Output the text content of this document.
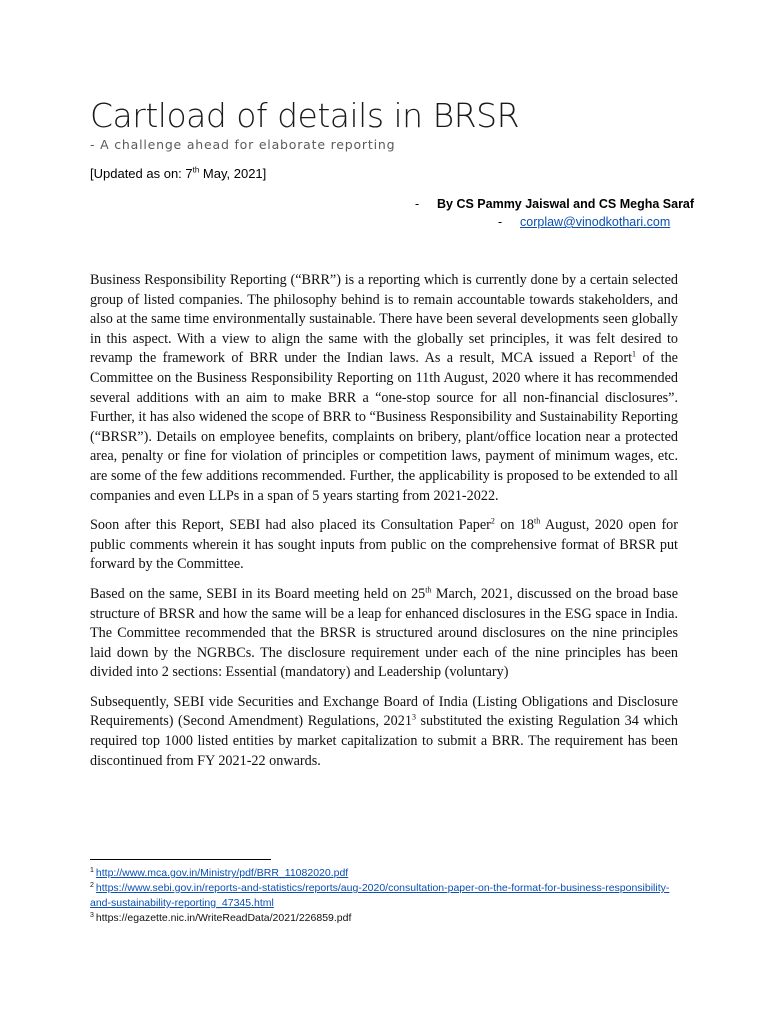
Cartload of details in BRSR
- A challenge ahead for elaborate reporting
[Updated as on: 7th May, 2021]
- By CS Pammy Jaiswal and CS Megha Saraf
- corplaw@vinodkothari.com

Business Responsibility Reporting (“BRR”) is a reporting which is currently done by a certain selected group of listed companies. The philosophy behind is to remain accountable towards stakeholders, and also at the same time environmentally sustainable. There have been several developments seen globally in this aspect. With a view to align the same with the globally set principles, it was felt desired to revamp the framework of BRR under the Indian laws. As a result, MCA issued a Report$^1$ of the Committee on the Business Responsibility Reporting on 11th August, 2020 where it has recommended several additions with an aim to make BRR a “one-stop source for all non-financial disclosures”. Further, it has also widened the scope of BRR to “Business Responsibility and Sustainability Reporting (“BRSR”). Details on employee benefits, complaints on bribery, plant/office location near a protected area, penalty or fine for violation of principles or competition laws, payment of minimum wages, etc. are some of the few additions recommended. Further, the applicability is proposed to be extended to all companies and even LLPs in a span of 5 years starting from 2021-2022.

Soon after this Report, SEBI had also placed its Consultation Paper$^2$ on 18th August, 2020 open for public comments wherein it has sought inputs from public on the comprehensive format of BRSR put forward by the Committee.

Based on the same, SEBI in its Board meeting held on 25th March, 2021, discussed on the broad base structure of BRSR and how the same will be a leap for enhanced disclosures in the ESG space in India. The Committee recommended that the BRSR is structured around disclosures on the nine principles laid down by the NGRBCs. The disclosure requirement under each of the nine principles has been divided into 2 sections: Essential (mandatory) and Leadership (voluntary)

Subsequently, SEBI vide Securities and Exchange Board of India (Listing Obligations and Disclosure Requirements) (Second Amendment) Regulations, 2021$^3$ substituted the existing Regulation 34 which required top 1000 listed entities by market capitalization to submit a BRR. The requirement has been discontinued from FY 2021-22 onwards.

$^1$ http://www.mca.gov.in/Ministry/pdf/BRR_11082020.pdf

$^2$ https://www.sebi.gov.in/reports-and-statistics/reports/aug-2020/consultation-paper-on-the-format-for-business-responsibility-and-sustainability-reporting_47345.html

$^3$ https://egazette.nic.in/WriteReadData/2021/226859.pdf
